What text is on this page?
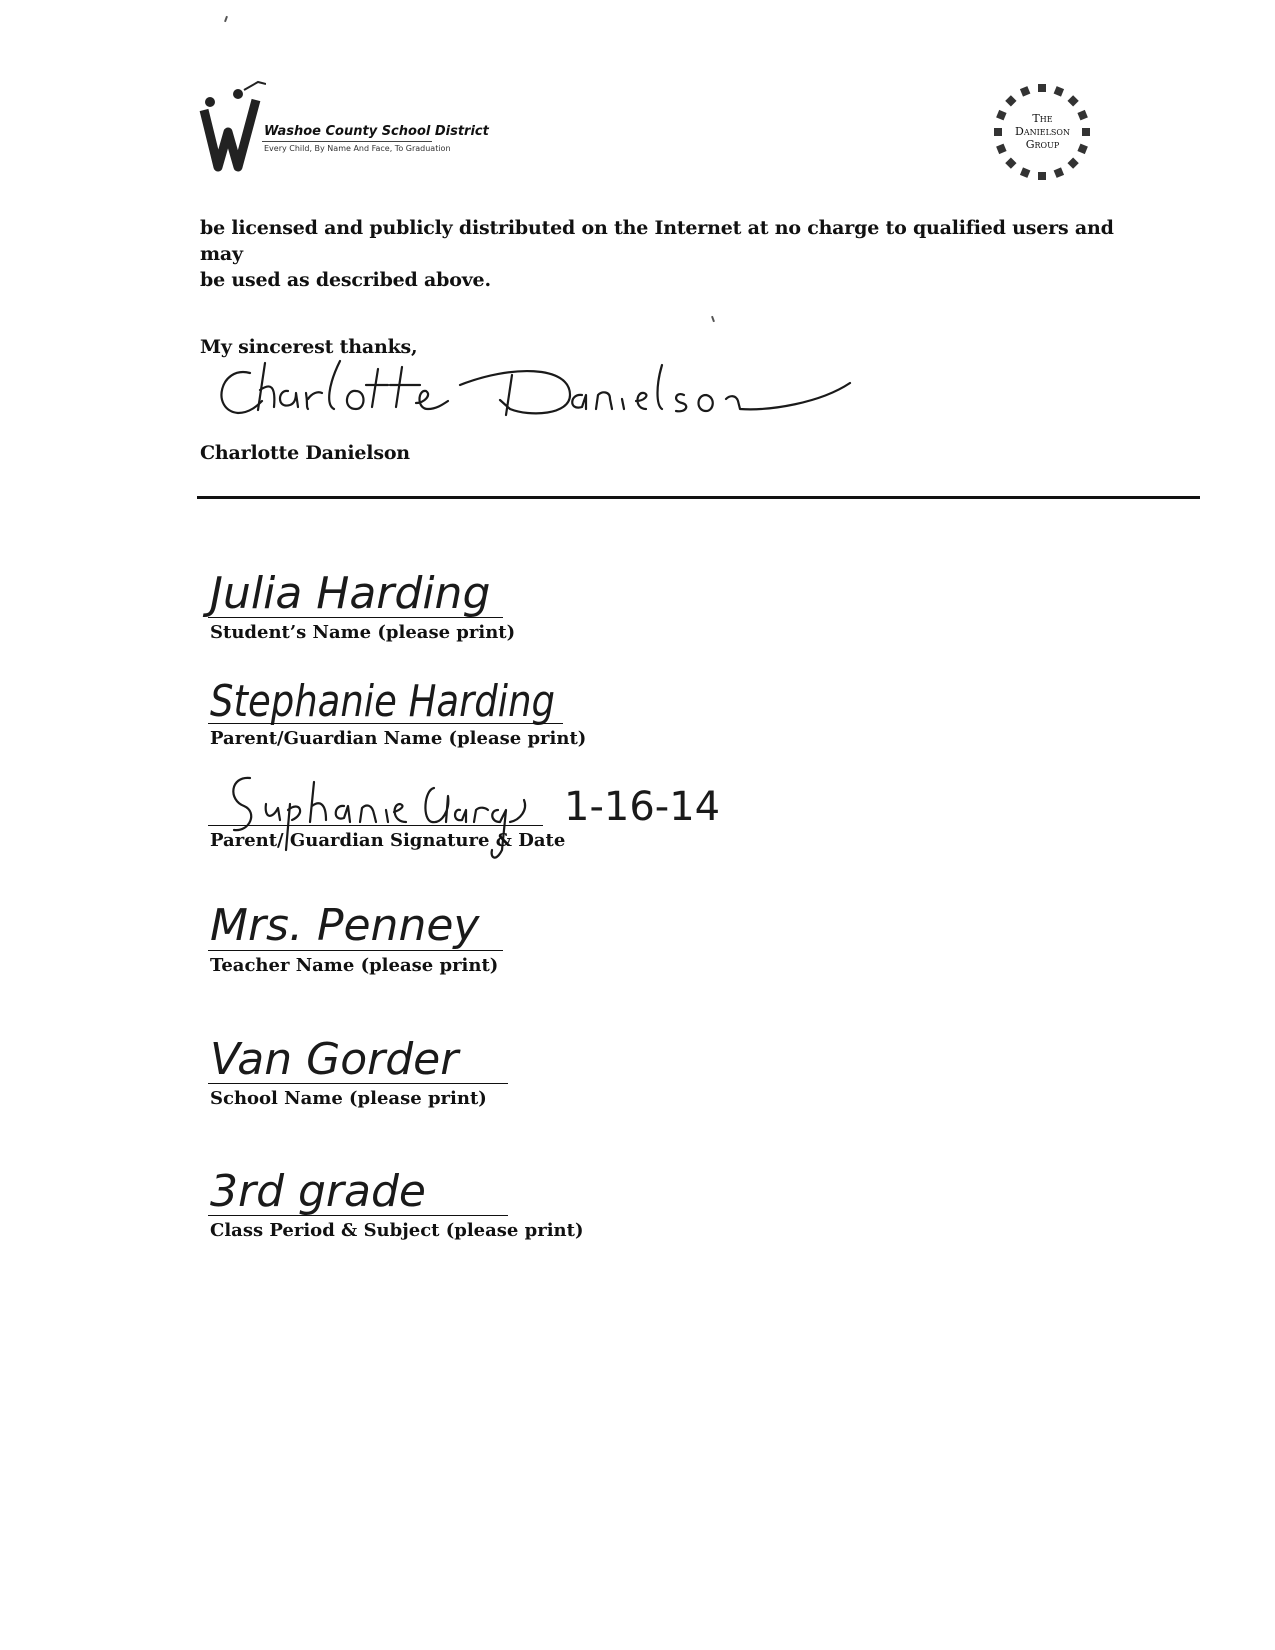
Washoe County School District
Every Child, By Name And Face, To Graduation
The
Danielson
Group
be licensed and publicly distributed on the Internet at no charge to qualified users and may
be used as described above.
My sincerest thanks,
Charlotte Danielson
Julia Harding
Student’s Name (please print)
Stephanie Harding
Parent/Guardian Name (please print)
1-16-14
Parent/ Guardian Signature & Date
Mrs. Penney
Teacher Name (please print)
Van Gorder
School Name (please print)
3rd grade
Class Period & Subject (please print)
